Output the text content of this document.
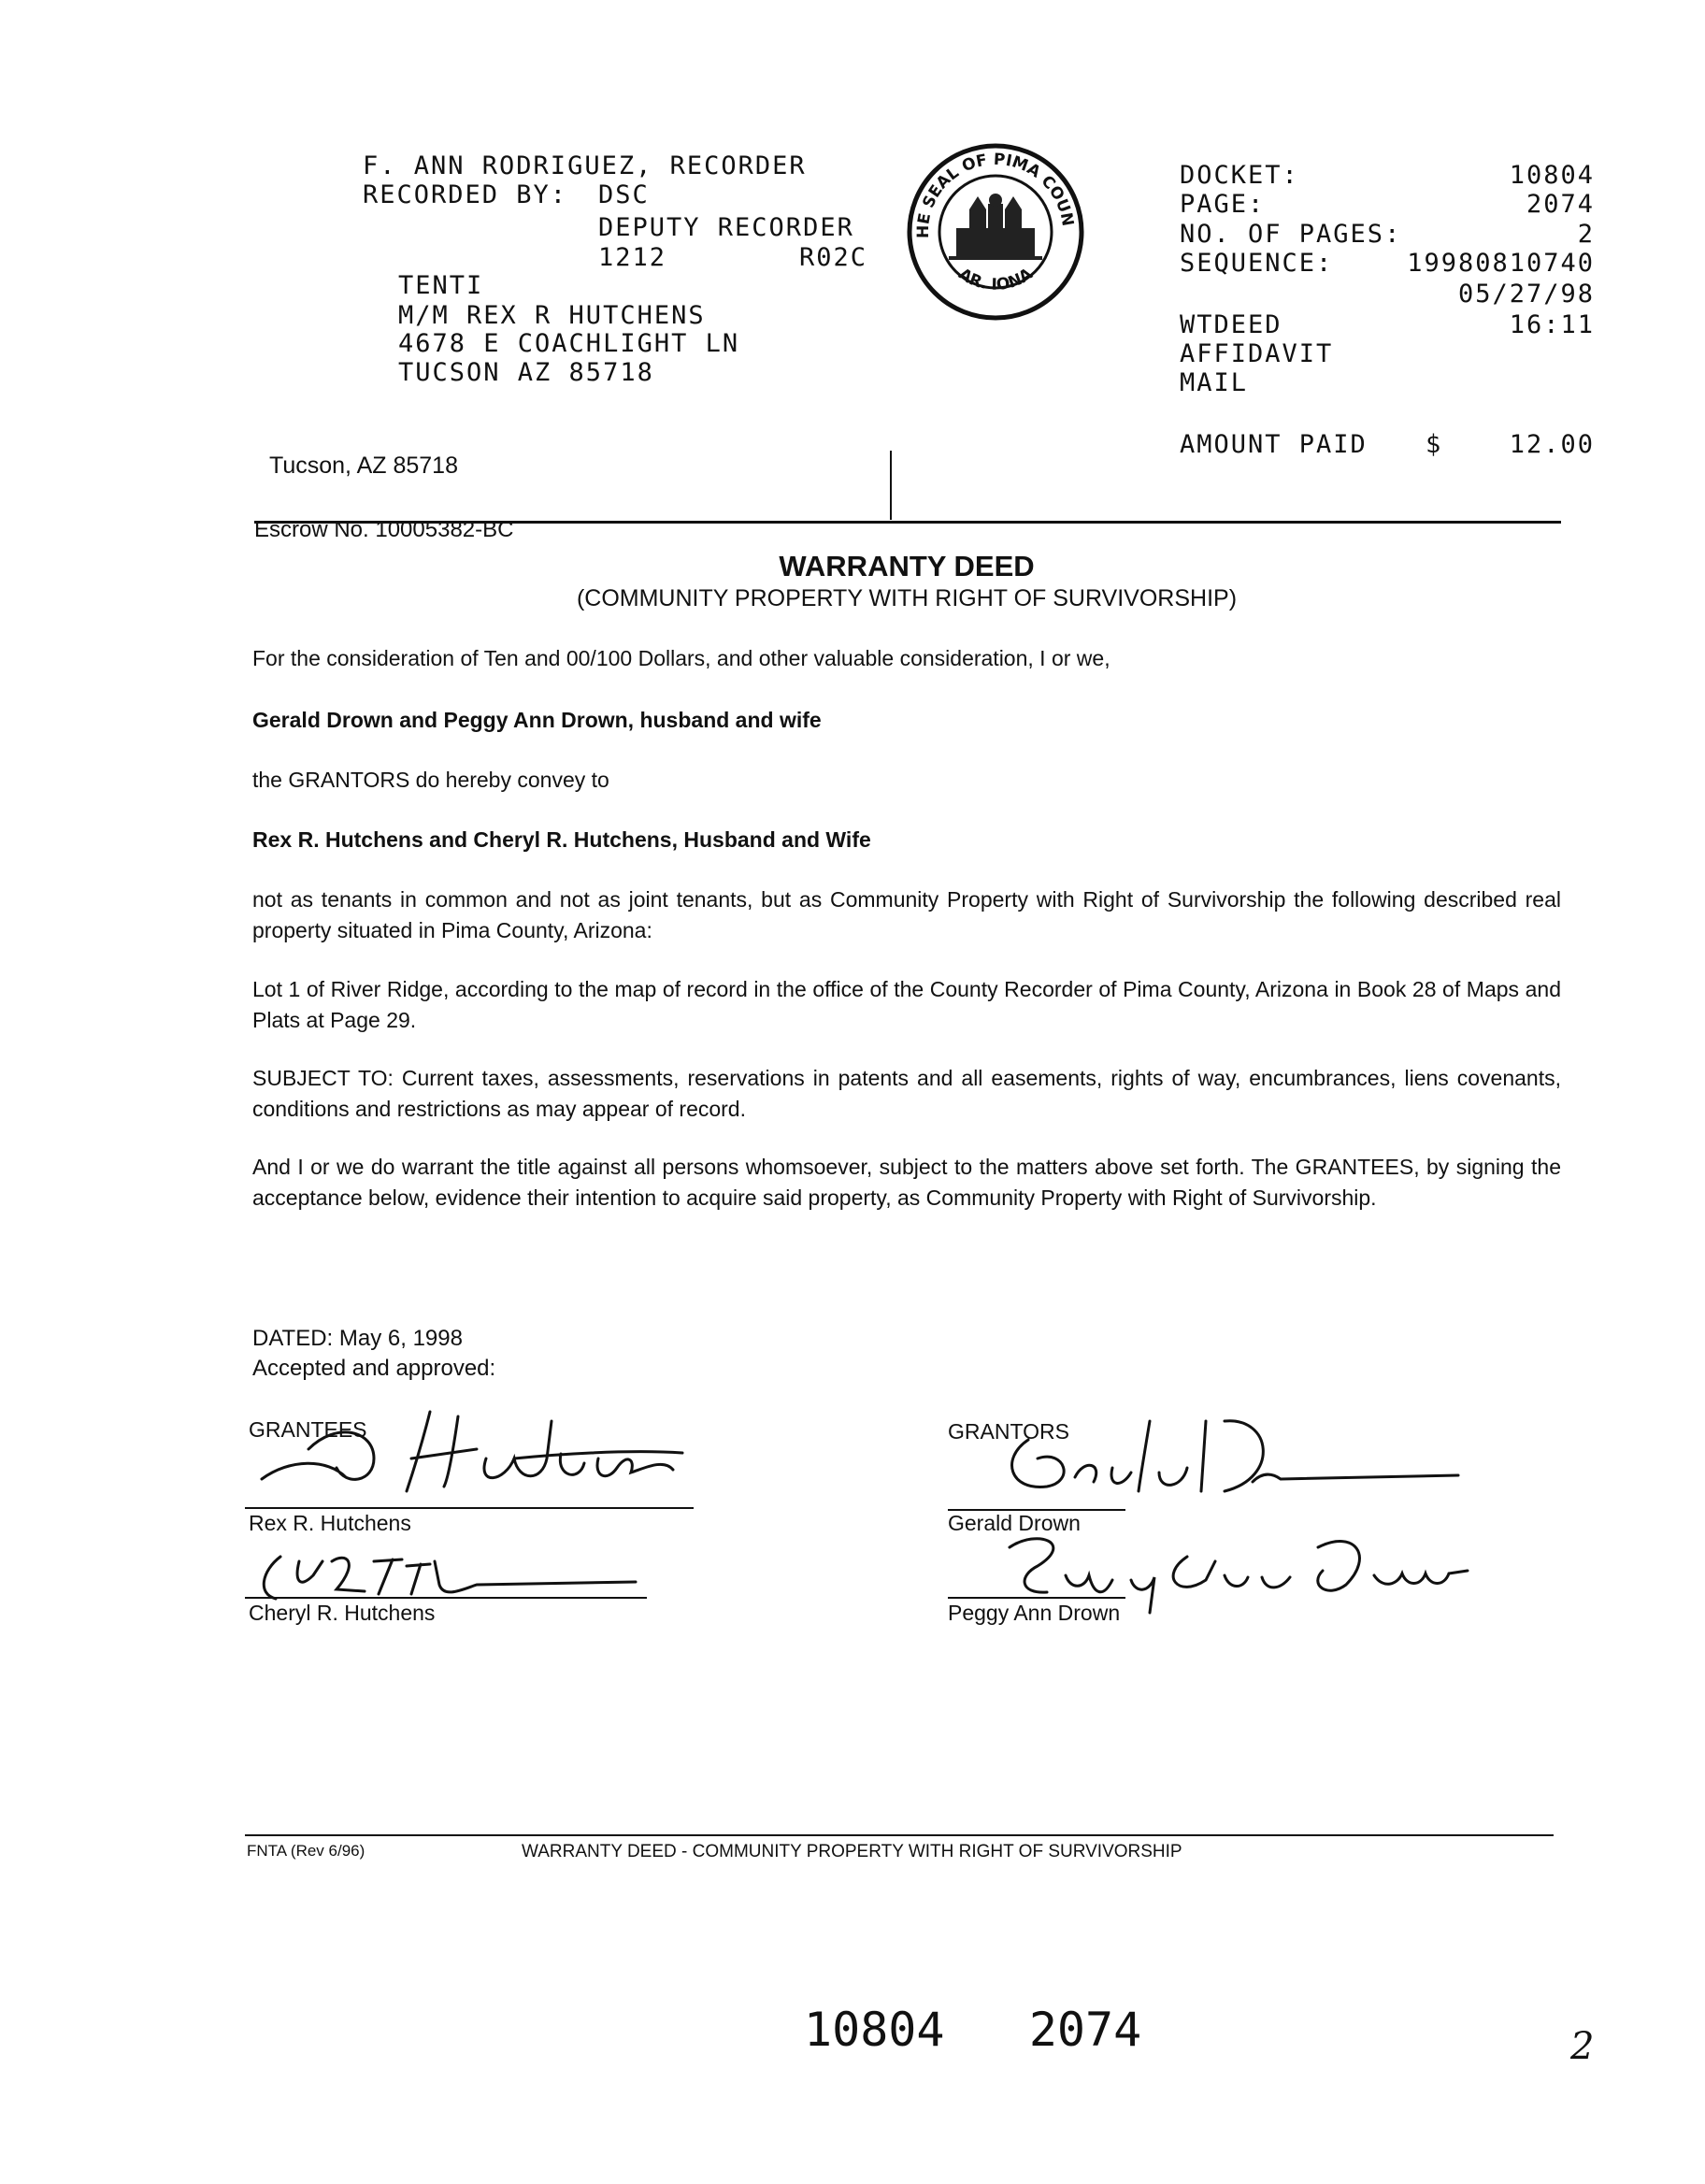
F. ANN RODRIGUEZ, RECORDER
RECORDED BY: DSC
DEPUTY RECORDER
1212	R02C
TENTI
M/M REX R HUTCHENS
4678 E COACHLIGHT LN
TUCSON AZ 85718
HE SEAL OF PIMA COUN
AR. IONA
DOCKET:	10804
PAGE:	2074
NO. OF PAGES:	2
SEQUENCE:	19980810740
05/27/98
WTDEED	16:11
AFFIDAVIT
MAIL
AMOUNT PAID $	12.00
Tucson, AZ 85718
Escrow No. 10005382-BC
WARRANTY DEED
(COMMUNITY PROPERTY WITH RIGHT OF SURVIVORSHIP)
For the consideration of Ten and 00/100 Dollars, and other valuable consideration, I or we,
Gerald Drown and Peggy Ann Drown, husband and wife
the GRANTORS do hereby convey to
Rex R. Hutchens and Cheryl R. Hutchens, Husband and Wife
not as tenants in common and not as joint tenants, but as Community Property with Right of Survivorship the following described real property situated in Pima County, Arizona:
Lot 1 of River Ridge, according to the map of record in the office of the County Recorder of Pima County, Arizona in Book 28 of Maps and Plats at Page 29.
SUBJECT TO: Current taxes, assessments, reservations in patents and all easements, rights of way, encumbrances, liens covenants, conditions and restrictions as may appear of record.
And I or we do warrant the title against all persons whomsoever, subject to the matters above set forth. The GRANTEES, by signing the acceptance below, evidence their intention to acquire said property, as Community Property with Right of Survivorship.
DATED: May 6, 1998
Accepted and approved:
GRANTEES
Rex R. Hutchens
Cheryl R. Hutchens
GRANTORS
Gerald Drown
Peggy Ann Drown
FNTA (Rev 6/96)	WARRANTY DEED - COMMUNITY PROPERTY WITH RIGHT OF SURVIVORSHIP
10804   2074	2
